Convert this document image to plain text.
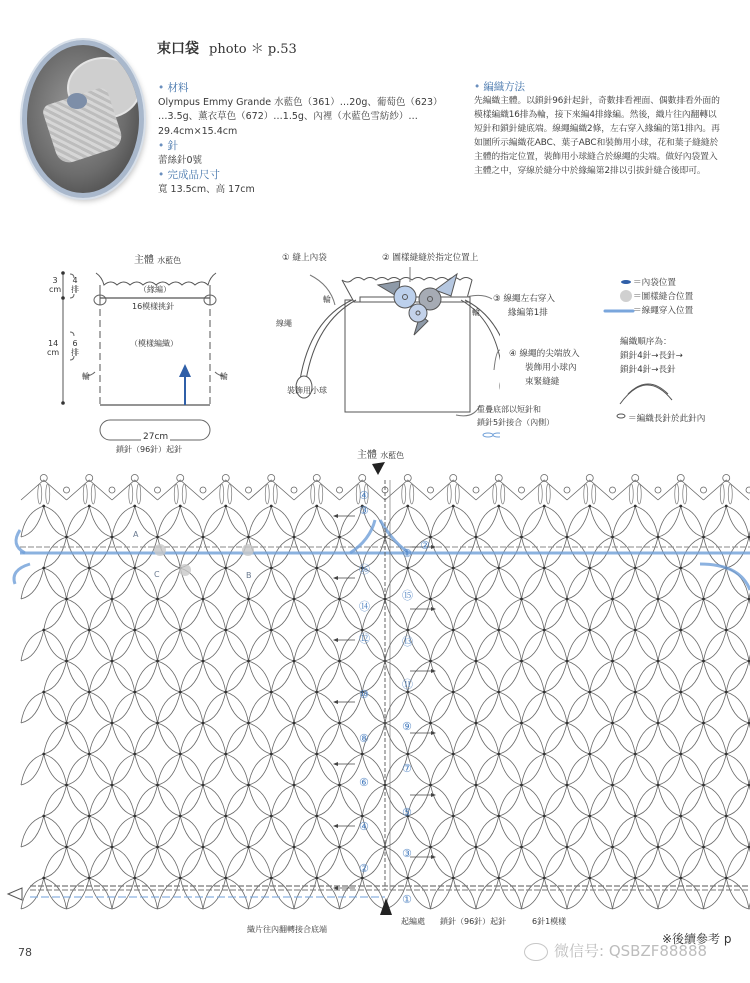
束口袋 photo ＊ p.53
• 材料
Olympus Emmy Grande 水藍色（361）…20g、葡萄色（623）
…3.5g、薰衣草色（672）…1.5g、內裡（水藍色雪紡紗）…
29.4cm×15.4cm
• 針
蕾絲針0號
• 完成品尺寸
寬 13.5cm、高 17cm
• 編織方法
先編織主體。以鎖針96針起針，奇數排看裡面、偶數排看外面的
模樣編織16排為輪，接下來編4排緣編。然後，織片往內翻轉以
短針和鎖針縫底端。線繩編織2條，左右穿入緣編的第1排內。再
如圖所示編織花ABC、葉子ABC和裝飾用小球，花和葉子縫縫於
主體的指定位置，裝飾用小球縫合於線繩的尖端。做好內袋置入
主體之中，穿線於縫分中於緣編第2排以引拔針縫合後即可。
主體 水藍色
3
cm
4
排
14
cm
6
排
（緣編）
16模樣挑針
（模樣編織）
輪	輪
27cm
鎖針（96針）起針
① 縫上內袋	② 圖樣縫縫於指定位置上
③ 線繩左右穿入
緣編第1排
④ 線繩的尖端放入
裝飾用小球內
束緊縫縫
輪
輪
線繩
裝飾用小球
重疊底部以短針和
鎖針5針接合（內側）
＝內袋位置
＝圖樣縫合位置
＝線繩穿入位置
編織順序為：
鎖針4針→長針→
鎖針4針→長針
＝編織長針於此針內
主體 水藍色
④
③
⑯
⑭
⑫
⑩
⑧
⑥
④
②
②
①
⑮
⑬
⑪
⑨
⑦
⑤
③
①
A
B
C
起編處 鎖針（96針）起針	6針1模樣
織片往內翻轉接合底端
78
※後續參考 p
微信号: QSBZF88888
